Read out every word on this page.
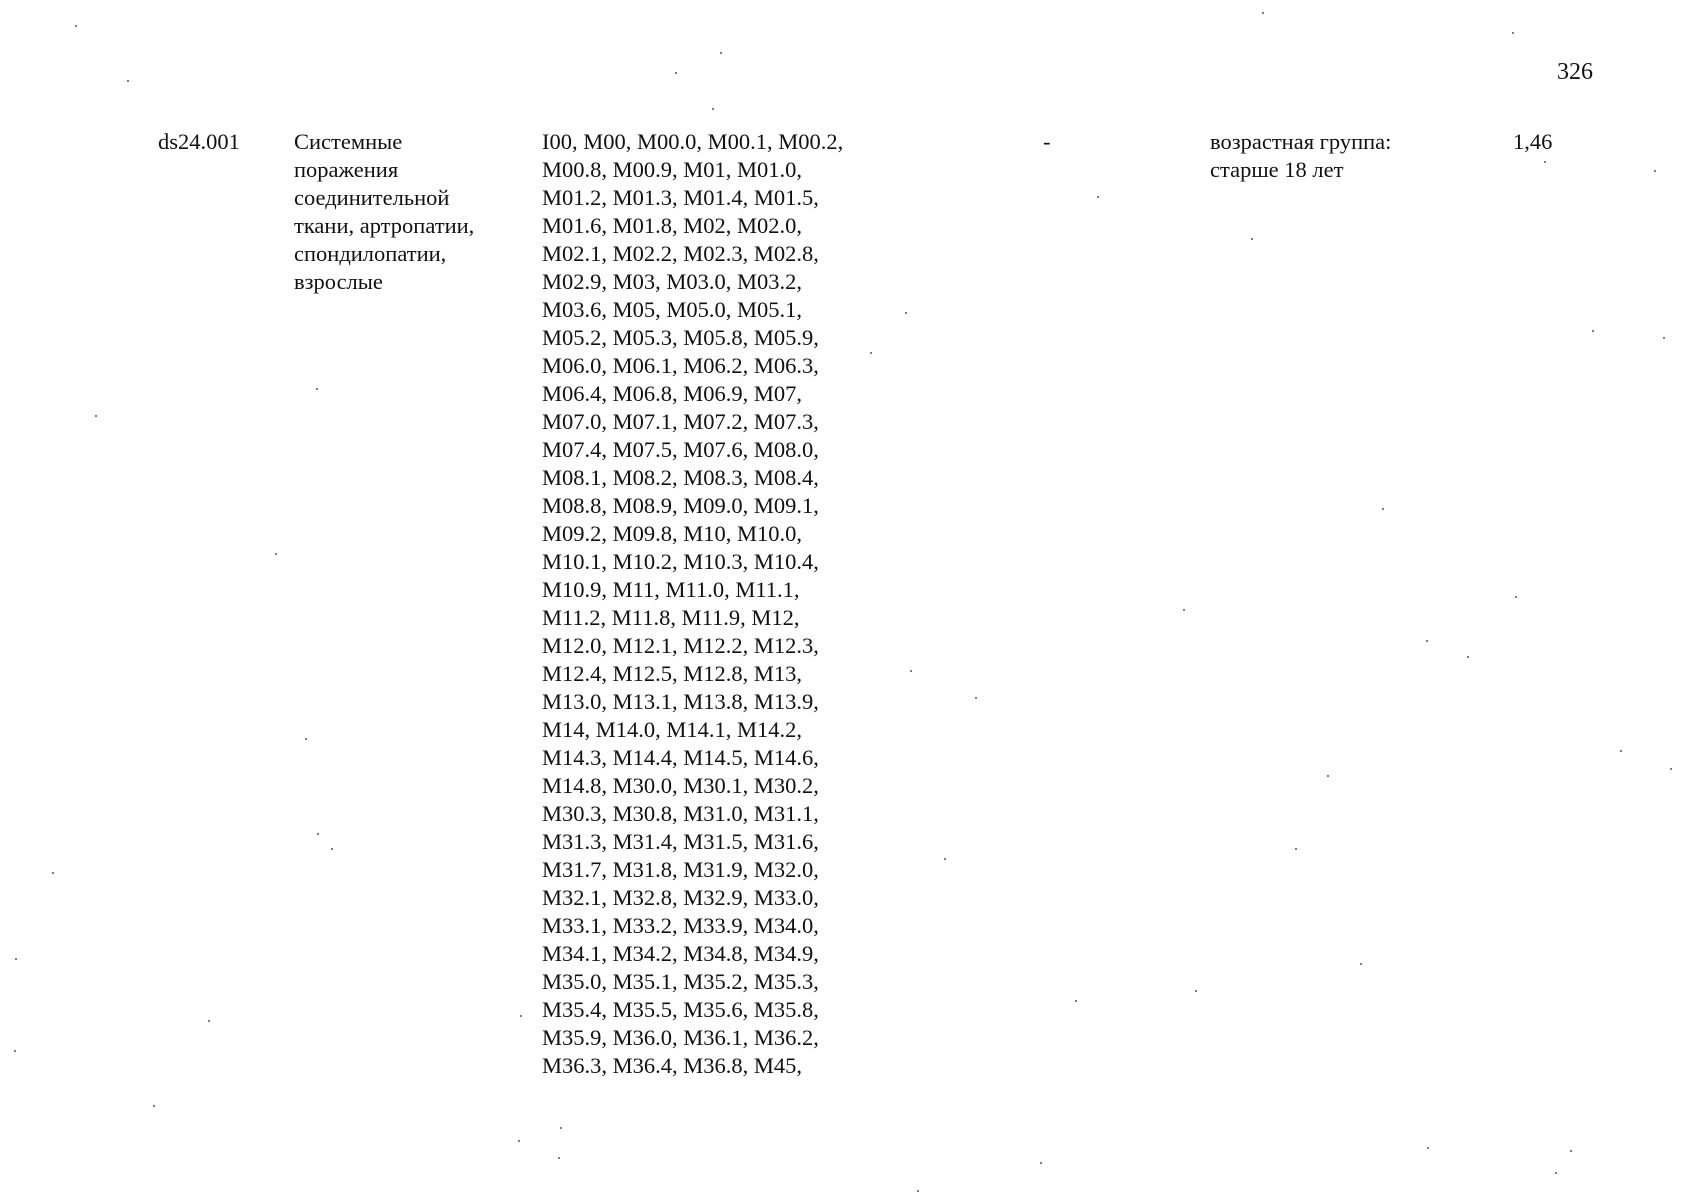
326
ds24.001	Системные
поражения
соединительной
ткани, артропатии,
спондилопатии,
взрослые
I00, M00, M00.0, M00.1, M00.2,
M00.8, M00.9, M01, M01.0,
M01.2, M01.3, M01.4, M01.5,
M01.6, M01.8, M02, M02.0,
M02.1, M02.2, M02.3, M02.8,
M02.9, M03, M03.0, M03.2,
M03.6, M05, M05.0, M05.1,
M05.2, M05.3, M05.8, M05.9,
M06.0, M06.1, M06.2, M06.3,
M06.4, M06.8, M06.9, M07,
M07.0, M07.1, M07.2, M07.3,
M07.4, M07.5, M07.6, M08.0,
M08.1, M08.2, M08.3, M08.4,
M08.8, M08.9, M09.0, M09.1,
M09.2, M09.8, M10, M10.0,
M10.1, M10.2, M10.3, M10.4,
M10.9, M11, M11.0, M11.1,
M11.2, M11.8, M11.9, M12,
M12.0, M12.1, M12.2, M12.3,
M12.4, M12.5, M12.8, M13,
M13.0, M13.1, M13.8, M13.9,
M14, M14.0, M14.1, M14.2,
M14.3, M14.4, M14.5, M14.6,
M14.8, M30.0, M30.1, M30.2,
M30.3, M30.8, M31.0, M31.1,
M31.3, M31.4, M31.5, M31.6,
M31.7, M31.8, M31.9, M32.0,
M32.1, M32.8, M32.9, M33.0,
M33.1, M33.2, M33.9, M34.0,
M34.1, M34.2, M34.8, M34.9,
M35.0, M35.1, M35.2, M35.3,
M35.4, M35.5, M35.6, M35.8,
M35.9, M36.0, M36.1, M36.2,
M36.3, M36.4, M36.8, M45,
-	возрастная группа:
старше 18 лет
1,46
